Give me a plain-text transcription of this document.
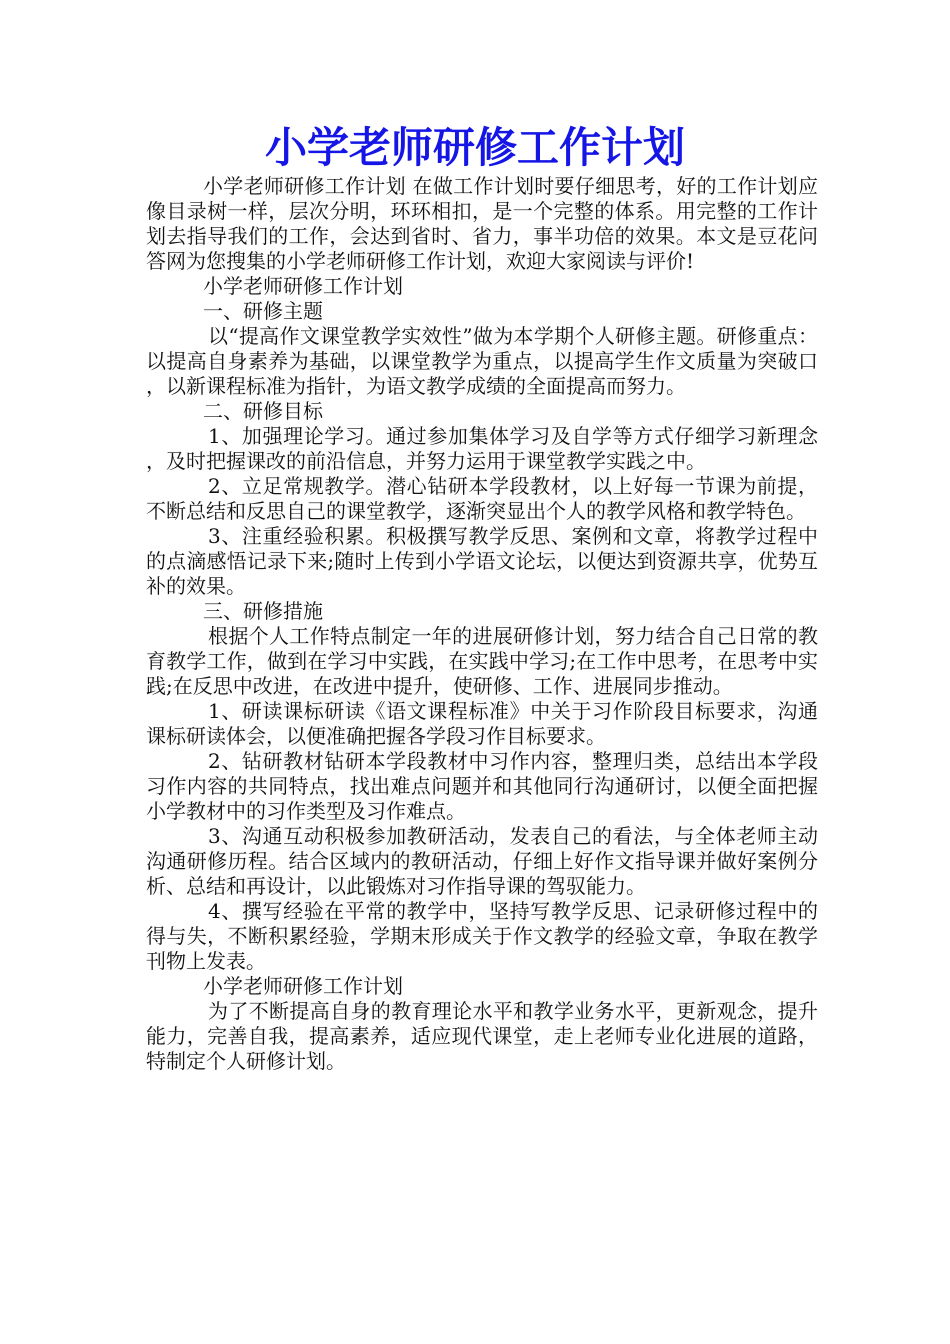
小学老师研修工作计划

小学老师研修工作计划 在做工作计划时要仔细思考，好的工作计划应像目录树一样，层次分明，环环相扣，是一个完整的体系。用完整的工作计划去指导我们的工作，会达到省时、省力，事半功倍的效果。本文是豆花问答网为您搜集的小学老师研修工作计划，欢迎大家阅读与评价!

小学老师研修工作计划

一、研修主题

以“提高作文课堂教学实效性”做为本学期个人研修主题。研修重点：以提高自身素养为基础，以课堂教学为重点，以提高学生作文质量为突破口，以新课程标准为指针，为语文教学成绩的全面提高而努力。

二、研修目标

1、加强理论学习。通过参加集体学习及自学等方式仔细学习新理念，及时把握课改的前沿信息，并努力运用于课堂教学实践之中。

2、立足常规教学。潜心钻研本学段教材，以上好每一节课为前提，不断总结和反思自己的课堂教学，逐渐突显出个人的教学风格和教学特色。

3、注重经验积累。积极撰写教学反思、案例和文章，将教学过程中的点滴感悟记录下来;随时上传到小学语文论坛，以便达到资源共享，优势互补的效果。

三、研修措施

根据个人工作特点制定一年的进展研修计划，努力结合自己日常的教育教学工作，做到在学习中实践，在实践中学习;在工作中思考，在思考中实践;在反思中改进，在改进中提升，使研修、工作、进展同步推动。

1、研读课标研读《语文课程标准》中关于习作阶段目标要求，沟通课标研读体会，以便准确把握各学段习作目标要求。

2、钻研教材钻研本学段教材中习作内容，整理归类，总结出本学段习作内容的共同特点，找出难点问题并和其他同行沟通研讨，以便全面把握小学教材中的习作类型及习作难点。

3、沟通互动积极参加教研活动，发表自己的看法，与全体老师主动沟通研修历程。结合区域内的教研活动，仔细上好作文指导课并做好案例分析、总结和再设计，以此锻炼对习作指导课的驾驭能力。

4、撰写经验在平常的教学中，坚持写教学反思、记录研修过程中的得与失，不断积累经验，学期末形成关于作文教学的经验文章，争取在教学刊物上发表。

小学老师研修工作计划

为了不断提高自身的教育理论水平和教学业务水平，更新观念，提升能力，完善自我，提高素养，适应现代课堂，走上老师专业化进展的道路，特制定个人研修计划。
